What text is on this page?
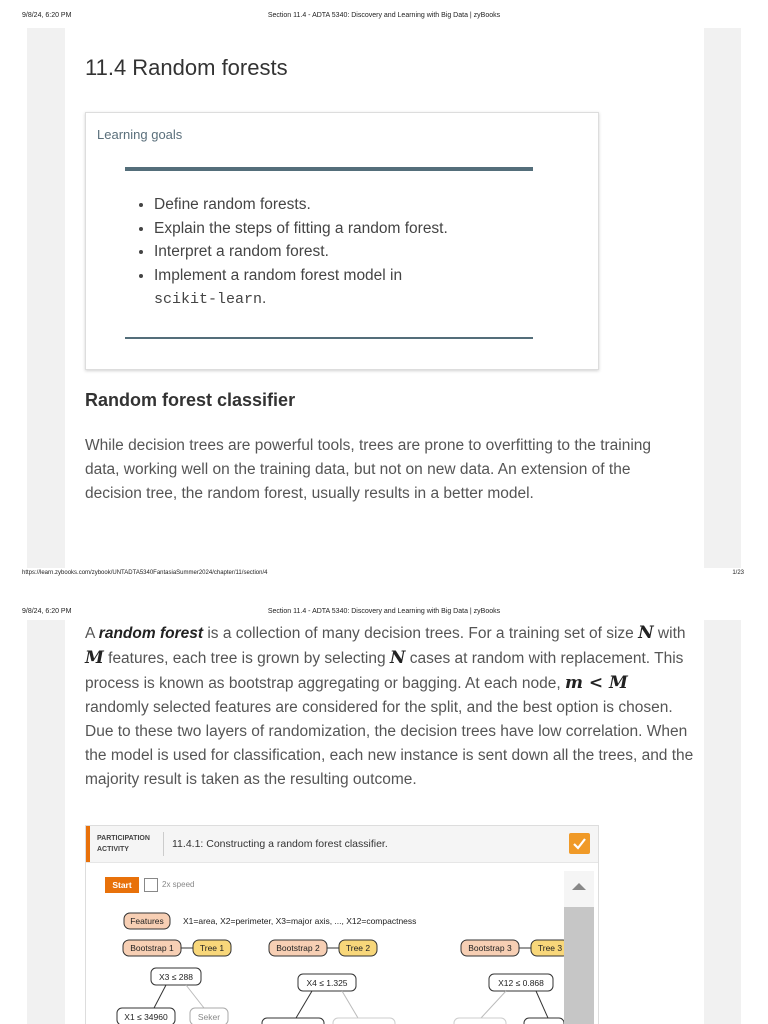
9/8/24, 6:20 PM	Section 11.4 - ADTA 5340: Discovery and Learning with Big Data | zyBooks
11.4 Random forests
Learning goals
• Define random forests.
• Explain the steps of fitting a random forest.
• Interpret a random forest.
• Implement a random forest model in
scikit-learn.
Random forest classifier

While decision trees are powerful tools, trees are prone to overfitting to the training data, working well on the training data, but not on new data. An extension of the decision tree, the random forest, usually results in a better model.

https://learn.zybooks.com/zybook/UNTADTA5340FantasiaSummer2024/chapter/11/section/4	1/23
9/8/24, 6:20 PM	Section 11.4 - ADTA 5340: Discovery and Learning with Big Data | zyBooks

A random forest is a collection of many decision trees. For a training set of size N with M features, each tree is grown by selecting N cases at random with replacement. This process is known as bootstrap aggregating or bagging. At each node, m < M randomly selected features are considered for the split, and the best option is chosen. Due to these two layers of randomization, the decision trees have low correlation. When the model is used for classification, each new instance is sent down all the trees, and the majority result is taken as the resulting outcome.

PARTICIPATION ACTIVITY	11.4.1: Constructing a random forest classifier.
Start	2x speed
Features X1=area, X2=perimeter, X3=major axis, ..., X12=compactness
Bootstrap 1	Tree 1	Bootstrap 2	Tree 2	Bootstrap 3	Tree 3
X3 ≤ 288
X1 ≤ 34960	Seker
X4 ≤ 1.325	X12 ≤ 0.868
